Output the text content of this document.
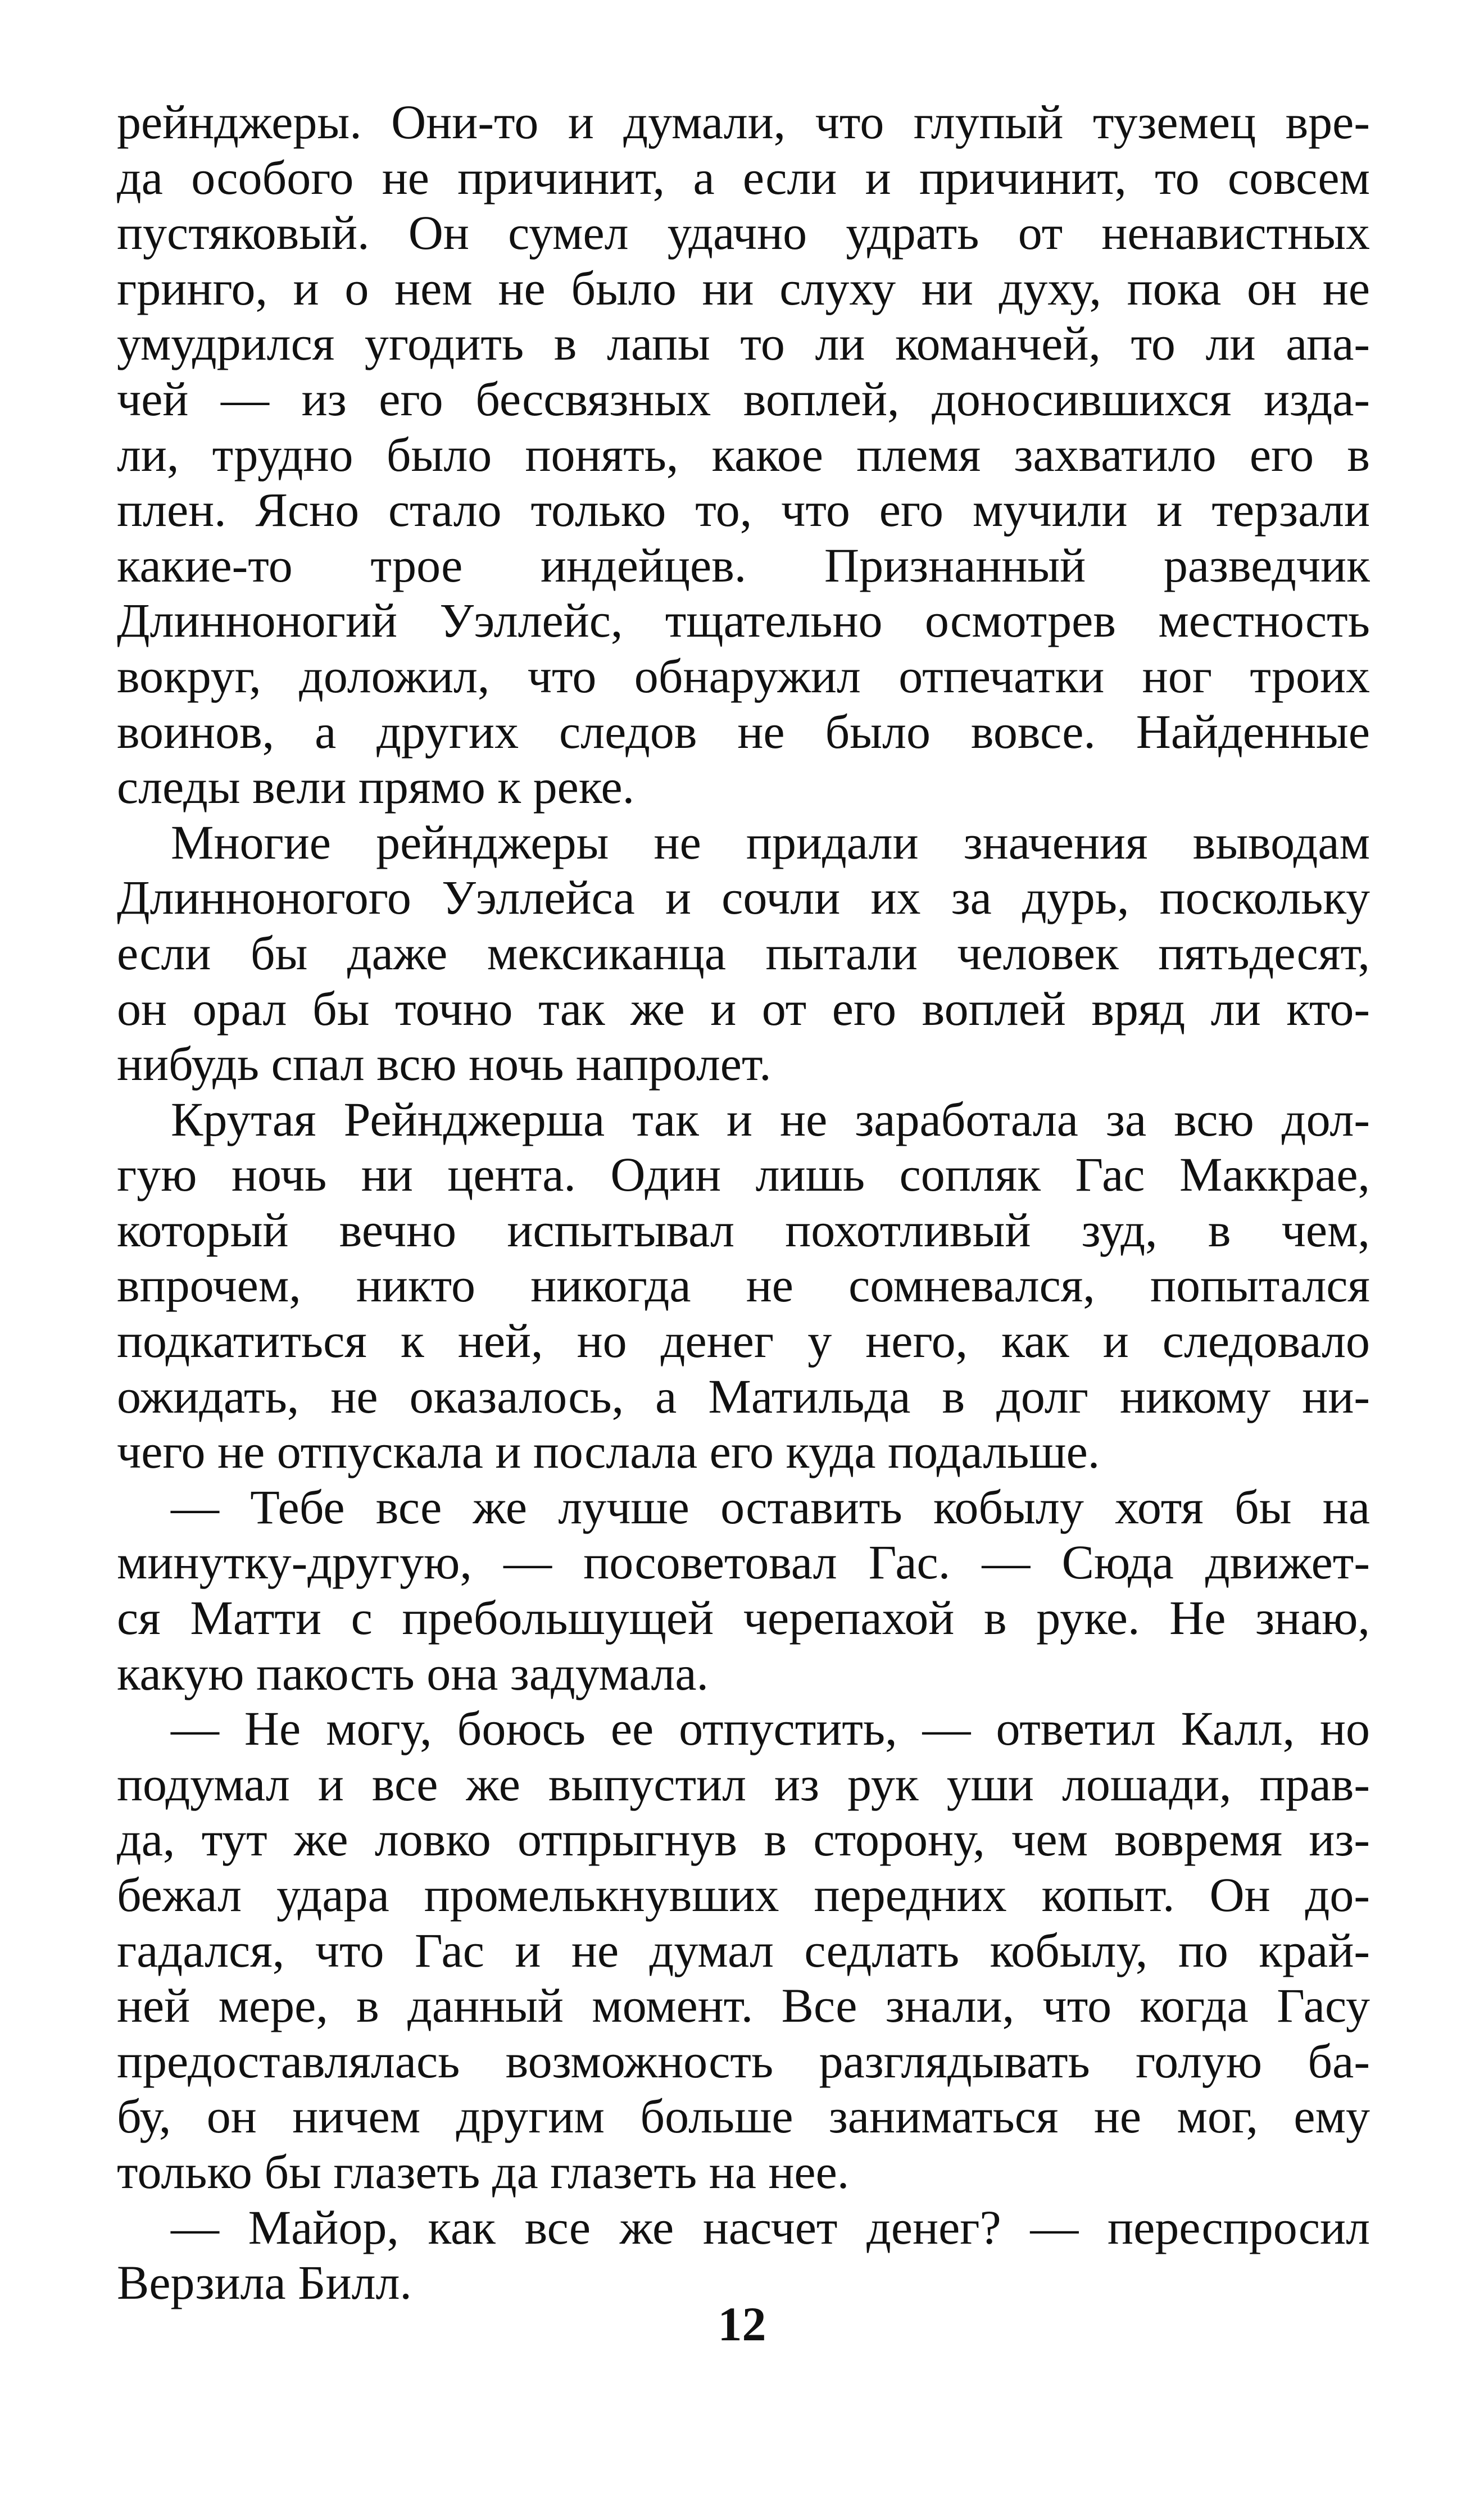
рейнджеры. Они-то и думали, что глупый туземец вре-
да особого не причинит, а если и причинит, то совсем
пустяковый. Он сумел удачно удрать от ненавистных
гринго, и о нем не было ни слуху ни духу, пока он не
умудрился угодить в лапы то ли команчей, то ли апа-
чей — из его бессвязных воплей, доносившихся изда-
ли, трудно было понять, какое племя захватило его в
плен. Ясно стало только то, что его мучили и терзали
какие-то трое индейцев. Признанный разведчик
Длинноногий Уэллейс, тщательно осмотрев местность
вокруг, доложил, что обнаружил отпечатки ног троих
воинов, а других следов не было вовсе. Найденные
следы вели прямо к реке.
Многие рейнджеры не придали значения выводам
Длинноногого Уэллейса и сочли их за дурь, поскольку
если бы даже мексиканца пытали человек пятьдесят,
он орал бы точно так же и от его воплей вряд ли кто-
нибудь спал всю ночь напролет.
Крутая Рейнджерша так и не заработала за всю дол-
гую ночь ни цента. Один лишь сопляк Гас Маккрае,
который вечно испытывал похотливый зуд, в чем,
впрочем, никто никогда не сомневался, попытался
подкатиться к ней, но денег у него, как и следовало
ожидать, не оказалось, а Матильда в долг никому ни-
чего не отпускала и послала его куда подальше.
— Тебе все же лучше оставить кобылу хотя бы на
минутку-другую, — посоветовал Гас. — Сюда движет-
ся Матти с пребольшущей черепахой в руке. Не знаю,
какую пакость она задумала.
— Не могу, боюсь ее отпустить, — ответил Калл, но
подумал и все же выпустил из рук уши лошади, прав-
да, тут же ловко отпрыгнув в сторону, чем вовремя из-
бежал удара промелькнувших передних копыт. Он до-
гадался, что Гас и не думал седлать кобылу, по край-
ней мере, в данный момент. Все знали, что когда Гасу
предоставлялась возможность разглядывать голую ба-
бу, он ничем другим больше заниматься не мог, ему
только бы глазеть да глазеть на нее.
— Майор, как все же насчет денег? — переспросил
Верзила Билл.
12
